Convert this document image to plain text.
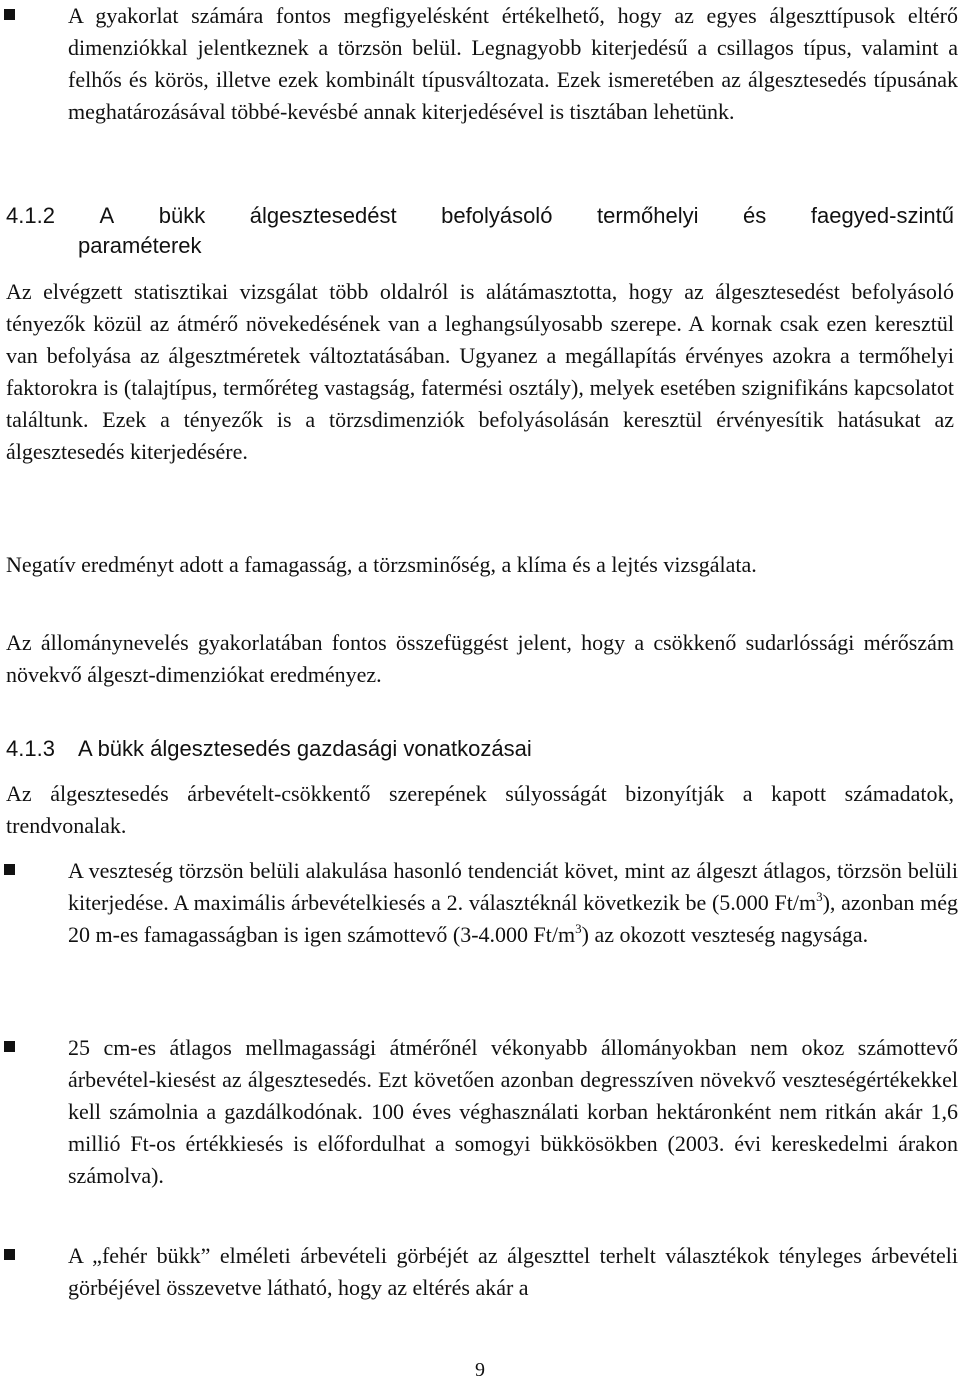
A gyakorlat számára fontos megfigyelésként értékelhető, hogy az egyes álgeszttípusok eltérő dimenziókkal jelentkeznek a törzsön belül. Legnagyobb kiterjedésű a csillagos típus, valamint a felhős és körös, illetve ezek kombinált típusváltozata. Ezek ismeretében az álgesztesedés típusának meghatározásával többé-kevésbé annak kiterjedésével is tisztában lehetünk.
4.1.2 A bükk álgesztesedést befolyásoló termőhelyi és faegyed-szintű
paraméterek
Az elvégzett statisztikai vizsgálat több oldalról is alátámasztotta, hogy az álgesztesedést befolyásoló tényezők közül az átmérő növekedésének van a leghangsúlyosabb szerepe. A kornak csak ezen keresztül van befolyása az álgesztméretek változtatásában. Ugyanez a megállapítás érvényes azokra a termőhelyi faktorokra is (talajtípus, termőréteg vastagság, fatermési osztály), melyek esetében szignifikáns kapcsolatot találtunk. Ezek a tényezők is a törzsdimenziók befolyásolásán keresztül érvényesítik hatásukat az álgesztesedés kiterjedésére.
Negatív eredményt adott a famagasság, a törzsminőség, a klíma és a lejtés vizsgálata.
Az állománynevelés gyakorlatában fontos összefüggést jelent, hogy a csökkenő sudarlóssági mérőszám növekvő álgeszt-dimenziókat eredményez.
4.1.3 A bükk álgesztesedés gazdasági vonatkozásai
Az álgesztesedés árbevételt-csökkentő szerepének súlyosságát bizonyítják a kapott számadatok, trendvonalak.
A veszteség törzsön belüli alakulása hasonló tendenciát követ, mint az álgeszt átlagos, törzsön belüli kiterjedése. A maximális árbevételkiesés a 2. választéknál következik be (5.000 $Ft/m^3$), azonban még 20 m-es famagasságban is igen számottevő (3-4.000 $Ft/m^3$) az okozott veszteség nagysága.
25 cm-es átlagos mellmagassági átmérőnél vékonyabb állományokban nem okoz számottevő árbevétel-kiesést az álgesztesedés. Ezt követően azonban degresszíven növekvő veszteségértékekkel kell számolnia a gazdálkodónak. 100 éves véghasználati korban hektáronként nem ritkán akár 1,6 millió Ft-os értékkiesés is előfordulhat a somogyi bükkösökben (2003. évi kereskedelmi árakon számolva).
A „fehér bükk” elméleti árbevételi görbéjét az álgeszttel terhelt választékok tényleges árbevételi görbéjével összevetve látható, hogy az eltérés akár a
9
